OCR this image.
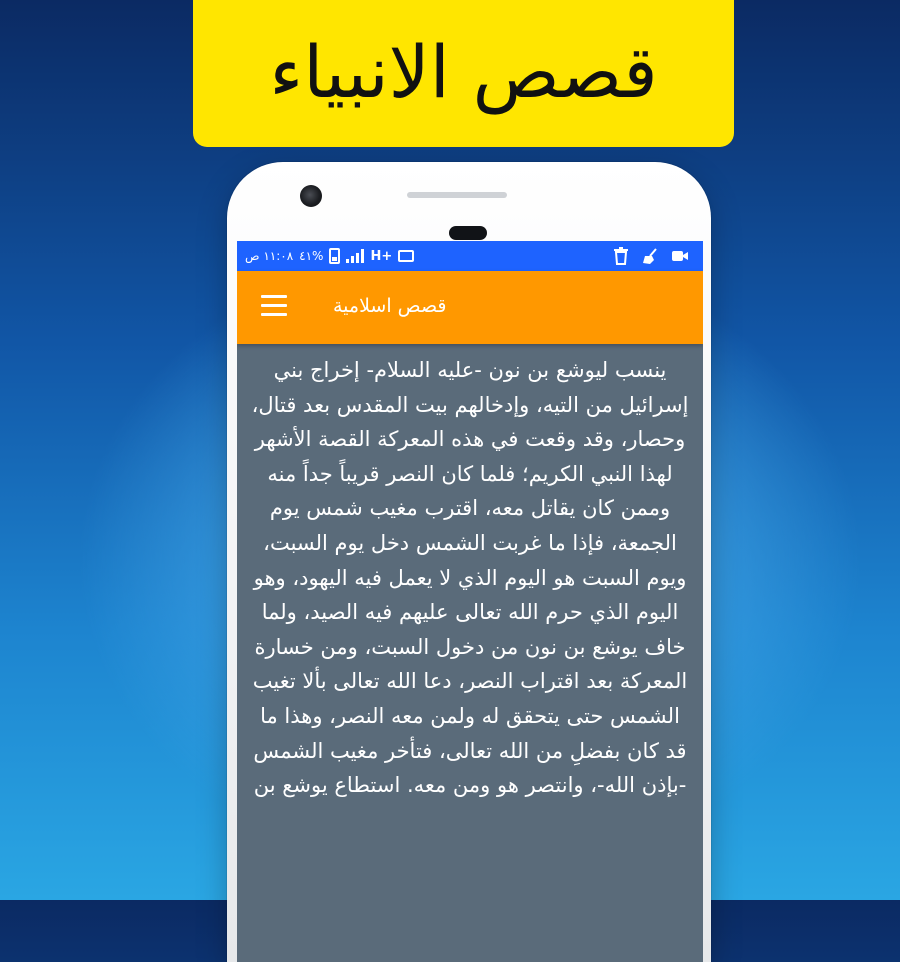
قصص الانبياء
١١:٠٨ ص ٤١%	H+
قصص اسلامية
ينسب ليوشع بن نون -عليه السلام- إخراج بني إسرائيل من التيه، وإدخالهم بيت المقدس بعد قتال، وحصار، وقد وقعت في هذه المعركة القصة الأشهر لهذا النبي الكريم؛ فلما كان النصر قريباً جداً منه وممن كان يقاتل معه، اقترب مغيب شمس يوم الجمعة، فإذا ما غربت الشمس دخل يوم السبت، ويوم السبت هو اليوم الذي لا يعمل فيه اليهود، وهو اليوم الذي حرم الله تعالى عليهم فيه الصيد، ولما خاف يوشع بن نون من دخول السبت، ومن خسارة المعركة بعد اقتراب النصر، دعا الله تعالى بألا تغيب الشمس حتى يتحقق له ولمن معه النصر، وهذا ما قد كان بفضلِ من الله تعالى، فتأخر مغيب الشمس -بإذن الله-، وانتصر هو ومن معه. استطاع يوشع بن
